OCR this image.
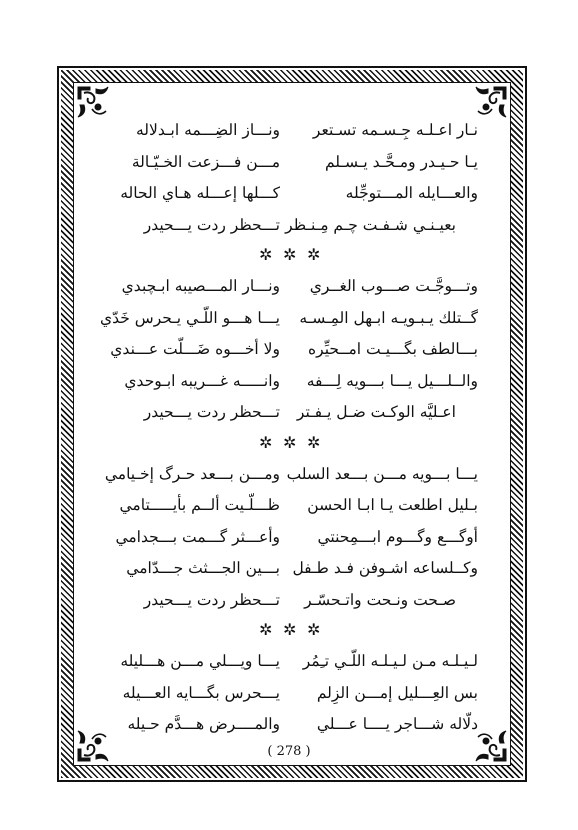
نـار اعـلـه جِـسـمه تسـتعر
ونـــاز الضِـــمه ابـدلاله
يـا حـيـدر ومـحَّـد يـسـلم
مـــن فـــزعت الخـيّـالة
والعـــايله المـــتوجِّله
كـــلها إعـــله هـاي الحاله
بعيـنـي شـفـت چـم مِـنـظر
تـــحظر ردت يـــحيدر
✲ ✲ ✲
وتـــوجَّـت صـــوب الغــري
ونـــار المـــصيبه ابـچبدي
گــتلك يـبـويـه ابـهل المِـسـه
يـــا هـــو اللّـي يـحرس خَدّي
بـــالطف بگـــيـت امــحيِّره
ولا أخـــوه ضَـــلّت عـــندي
والــلـــيل يـــا بـــويه لِـــفه
وانـــــه غـــريبه ابـوحدي
اعـليَّه الوكـت ضـل يـفـتر
تـــحظر ردت يـــحيدر
✲ ✲ ✲
يـــا بـــويه مـــن بـــعد السلب
ومـــن بـــعد حـرگ إخـيامي
بـليل اطلعت يـا ابـا الحسن
ظـــلّـيت ألــم بأيـــــتامي
أوگـــع وگـــوم ابـــمِحنتي
وأعـــثر گـــمت بـــجدامي
وكــلساعه اشـوفن فـد طـفل
بـــين الجـــثث جـــدّامي
صـحت ونـحت واتـحسّـر
تـــحظر ردت يـــحيدر
✲ ✲ ✲
لـيـلـه مـن لـيـلـه اللّـي تـِمُر
يـــا ويـــلي مـــن هـــليله
بس العِـــليل إمـــن الزِلم
يـــحرس بگـــايه العـــيله
دلّاله شـــاجر يــــا عـــلي
والمــــرض هـــدَّم حـيله
( 278 )
